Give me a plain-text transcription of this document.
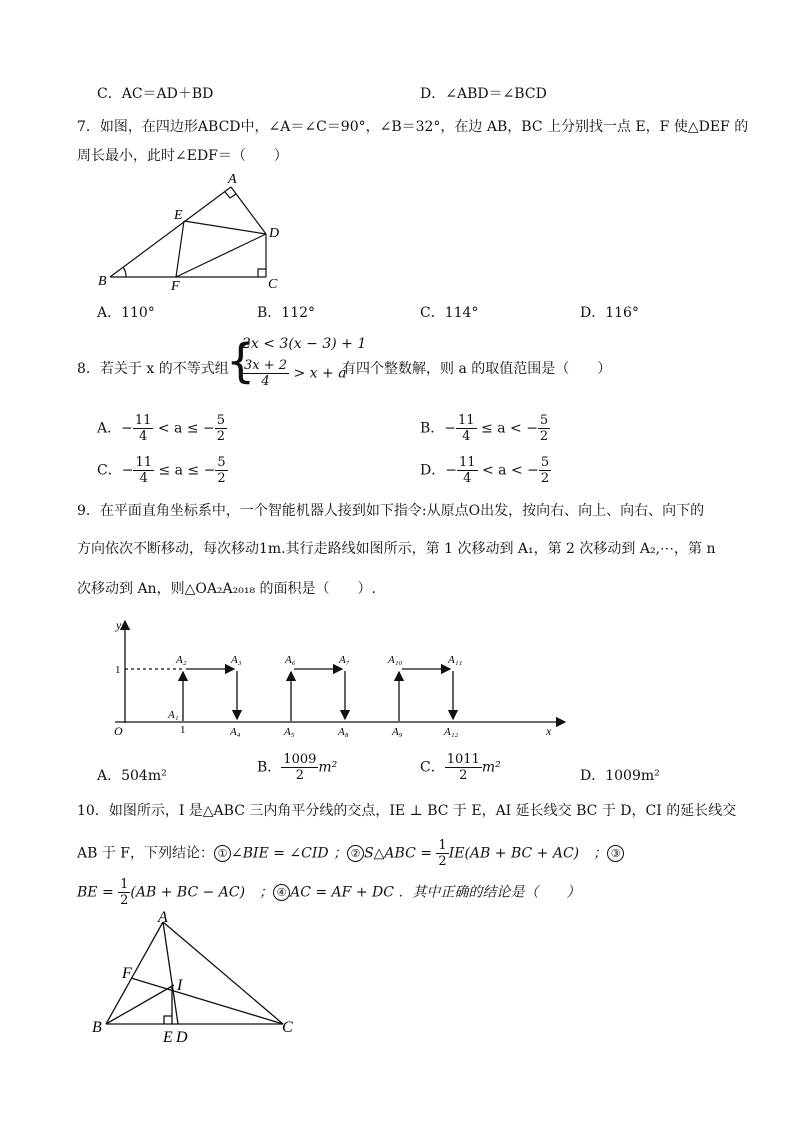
C．AC＝AD＋BD	D．∠ABD＝∠BCD
7．如图，在四边形ABCD中，∠A＝∠C＝90°，∠B＝32°，在边 AB，BC 上分别找一点 E，F 使△DEF 的
周长最小，此时∠EDF＝（　　）
A
B	C
D
E
F
A．110°	B．112°	C．114°	D．116°
8．若关于 x 的不等式组
{
2x < 3(x − 3) + 1
$\frac{3x + 2}{4} > x + a$
有四个整数解，则 a 的取值范围是（　　）
A．− $\frac{11}{4} < a$ ≤ − $\frac{5}{2}$	B．− $\frac{11}{4} \le a$ < − $\frac{5}{2}$
C．− $\frac{11}{4} \le a$ ≤ − $\frac{5}{2}$	D．− $\frac{11}{4} < a$ < − $\frac{5}{2}$
9．在平面直角坐标系中，一个智能机器人接到如下指令:从原点O出发，按向右、向上、向右、向下的
方向依次不断移动，每次移动1m.其行走路线如图所示，第 1 次移动到 A₁，第 2 次移动到 A₂,⋯，第 n
次移动到 An，则△OA₂A₂₀₁₈ 的面积是（　　）.
y
x
1
1
O
A₂	A₃	A₆	A₇	A₁₀	A₁₁
A₁
A₄	A₅	A₈	A₉	A₁₂
A．504m²
B． $\frac{1009}{2} m^2$	C． $\frac{1011}{2} m^2$
D．1009m²
10．如图所示，I 是△ABC 三内角平分线的交点，IE ⊥ BC 于 E，AI 延长线交 BC 于 D，CI 的延长线交
AB 于 F，下列结论： ① ∠BIE = ∠CID ； ② S△ABC = $\frac{1}{2} IE(AB$ + BC + AC)　； ③
BE = $\frac{1}{2} (AB$ + BC − AC)　； ④ AC = AF + DC ．其中正确的结论是（　　）
A
B	C
D
E
F
I
